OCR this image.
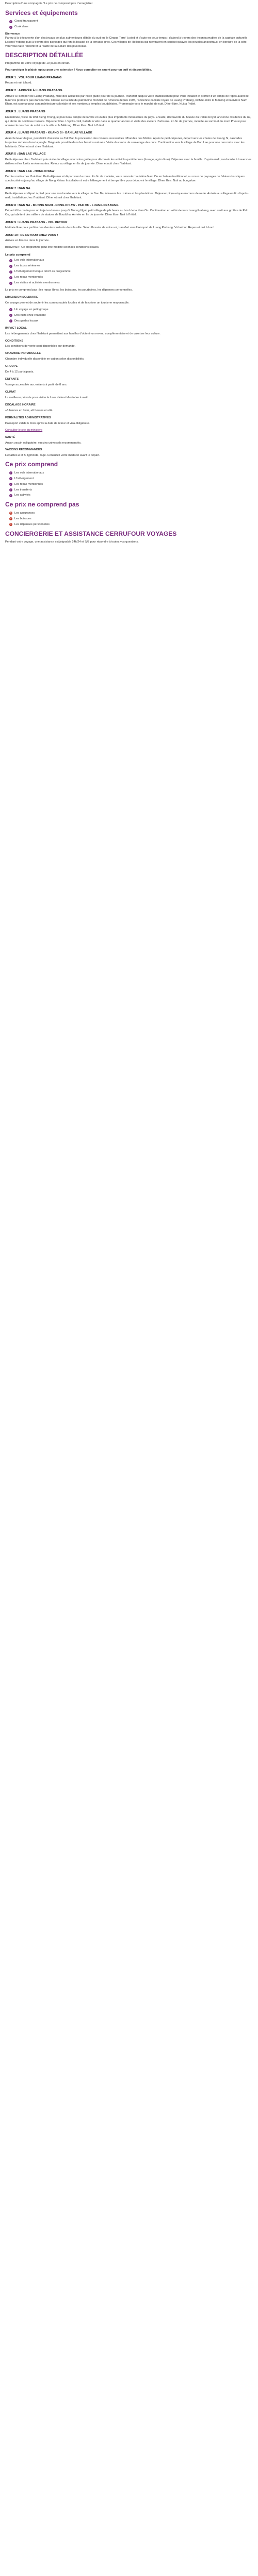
Description d'une compagnie "Le prix ne comprend pas L'enregistrer

Services et équipements
✓ Grand transparent
✓ Cook dans
Bienvenue

Partez à la découverte d'un des joyaux de plus authentiques d'Italie du sud en 'le Cinque Terre' à pied et d'auto-en deux temps : d'abord à travers des incontournables de la capitale culturelle Lacing Probang puis à travers des paysages qui font la beauté de la terrasse grec. Ces villages de Hellenica qui n'entraient en contact qu'avec les peuples ancestraux, en bordure de la côte, vont vous faire rencontrer la réalité de la culture des plus beaux.

DESCRIPTION DÉTAILLÉE

Programme de votre voyage de 10 jours en circuit.

Pour protéger le plaisir, optez pour une extension ! Nous consulter en amont pour un tarif et disponibilités.

JOUR 1 : VOL POUR LUANG PRABANG

Repas et nuit à bord.

JOUR 2 : ARRIVÉE À LUANG PRABANG

Arrivée à l'aéroport de Luang Prabang, mise des accueillis par notre guide pour de la journée. Transfert jusqu'à votre établissement pour vous installer et profiter d'un temps de repos avant de faire vos premiers pas dans la ville. Classé sur la liste du patrimoine mondial de l'Unesco depuis 1995, l'ancienne capitale royale de Luang Prabang, nichée entre le Mékong et la rivière Nam Khan, est connue pour son architecture coloniale et ses nombreux temples bouddhistes. Promenade vers le marché de nuit. Dîner libre. Nuit à l'hôtel.

JOUR 3 : LUANG PRABANG

En matinée, visite du Wat Xieng Thong, le plus beau temple de la ville et un des plus importants monastères du pays. Ensuite, découverte du Musée du Palais Royal, ancienne résidence du roi, qui abrite de nombreux trésors. Déjeuner libre. L'après-midi, balade à vélo dans le quartier ancien et visite des ateliers d'artisans. En fin de journée, montée au sommet du mont Phousi pour admirer le coucher de soleil sur la ville et le Mékong. Dîner libre. Nuit à l'hôtel.

JOUR 4 : LUANG PRABANG - KUANG SI - BAN LAE VILLAGE

Avant le lever du jour, possibilité d'assister au Tak Bat, la procession des moines recevant les offrandes des fidèles. Après le petit-déjeuner, départ vers les chutes de Kuang Si, cascades turquoise nichées dans la jungle. Baignade possible dans les bassins naturels. Visite du centre de sauvetage des ours. Continuation vers le village de Ban Lae pour une rencontre avec les habitants. Dîner et nuit chez l'habitant.

JOUR 5 : BAN LAE VILLAGE

Petit-déjeuner chez l'habitant puis visite du village avec votre guide pour découvrir les activités quotidiennes (tissage, agriculture). Déjeuner avec la famille. L'après-midi, randonnée à travers les rizières et les forêts environnantes. Retour au village en fin de journée. Dîner et nuit chez l'habitant.

JOUR 6 : BAN LAE - NONG KHIAW

Dernier matin chez l'habitant. Petit-déjeuner et départ vers la route. En fin de matinée, vous remontez la rivière Nam Ou en bateau traditionnel, au cœur de paysages de falaises karstiques spectaculaires jusqu'au village de Nong Khiaw. Installation à votre hébergement et temps libre pour découvrir le village. Dîner libre. Nuit au bungalow.

JOUR 7 : BAN NA

Petit-déjeuner et départ à pied pour une randonnée vers le village de Ban Na, à travers les rizières et les plantations. Déjeuner pique-nique en cours de route. Arrivée au village en fin d'après-midi, installation chez l'habitant. Dîner et nuit chez l'habitant.

JOUR 8 : BAN NA - MUONG NGOI - NONG KHIAW - PAK OU - LUANG PRABANG

Départ tôt le matin pour un trajet en bateau jusqu'à Muong Ngoi, petit village de pêcheurs au bord de la Nam Ou. Continuation en véhicule vers Luang Prabang, avec arrêt aux grottes de Pak Ou, qui abritent des milliers de statues de Bouddha. Arrivée en fin de journée. Dîner libre. Nuit à l'hôtel.

JOUR 9 : LUANG PRABANG - VOL RETOUR

Matinée libre pour profiter des derniers instants dans la ville. Selon l'horaire de votre vol, transfert vers l'aéroport de Luang Prabang. Vol retour. Repas et nuit à bord.

JOUR 10 : DE RETOUR CHEZ VOUS !

Arrivée en France dans la journée.

Bienvenue ! Ce programme peut être modifié selon les conditions locales.

Le prix comprend
✓ Les vols internationaux
✓ Les taxes aériennes
✓ L'hébergement tel que décrit au programme
✓ Les repas mentionnés
✓ Les visites et activités mentionnées

Le prix ne comprend pas : les repas libres, les boissons, les pourboires, les dépenses personnelles.

DIMENSION SOLIDAIRE

Ce voyage permet de soutenir les communautés locales et de favoriser un tourisme responsable.

✓ Un voyage en petit groupe
✓ Des nuits chez l'habitant
✓ Des guides locaux
IMPACT LOCAL

Les hébergements chez l'habitant permettent aux familles d'obtenir un revenu complémentaire et de valoriser leur culture.

CONDITIONS

Les conditions de vente sont disponibles sur demande.

CHAMBRE INDIVIDUELLE

Chambre individuelle disponible en option selon disponibilités.

GROUPE

De 4 à 12 participants.

ENFANTS

Voyage accessible aux enfants à partir de 8 ans.

CLIMAT

La meilleure période pour visiter le Laos s'étend d'octobre à avril.

DÉCALAGE HORAIRE

+5 heures en hiver, +6 heures en été.

FORMALITÉS ADMINISTRATIVES

Passeport valide 6 mois après la date de retour et visa obligatoire.

Consulter le site du ministère

SANTÉ

Aucun vaccin obligatoire, vaccins universels recommandés.

VACCINS RECOMMANDÉS

Hépatites A et B, typhoïde, rage. Consultez votre médecin avant le départ.

Ce prix comprend
✓ Les vols internationaux
✓ L'hébergement
✓ Les repas mentionnés
✓ Les transferts
✓ Les activités
Ce prix ne comprend pas
✕ Les assurances
✕ Les boissons
✕ Les dépenses personnelles
CONCIERGERIE ET ASSISTANCE CERRUFOUR VOYAGES

Pendant votre voyage, une assistance est joignable 24h/24 et 7j/7 pour répondre à toutes vos questions.
